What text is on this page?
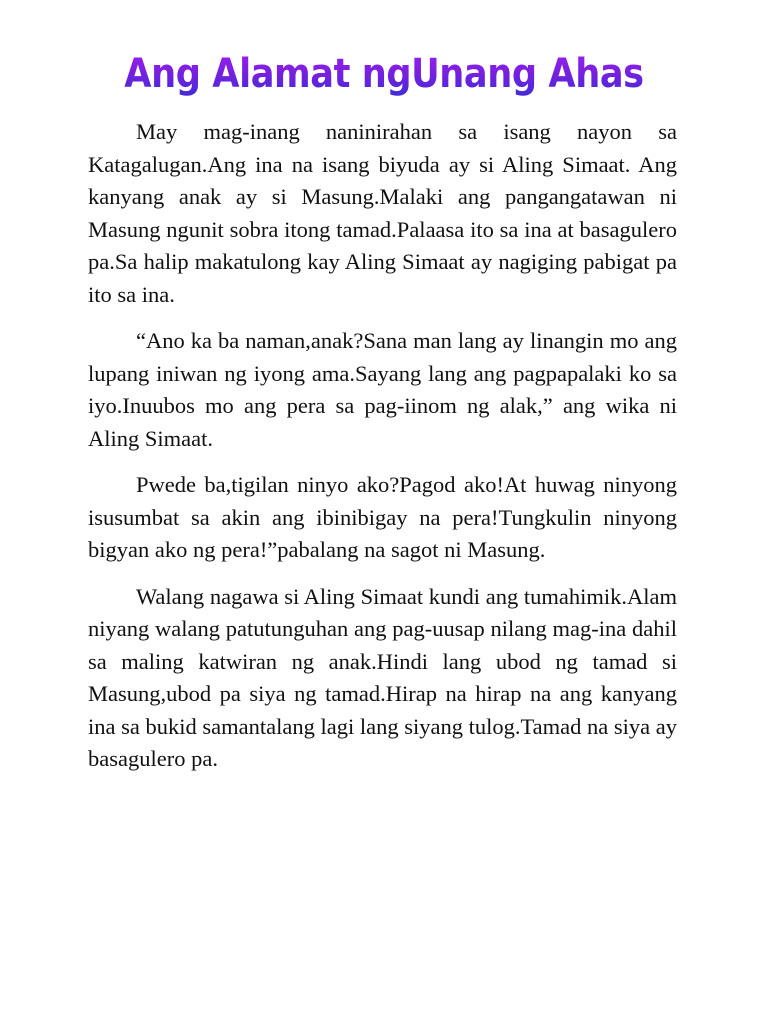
Ang Alamat ngUnang Ahas

May mag-inang naninirahan sa isang nayon sa Katagalugan.Ang ina na isang biyuda ay si Aling Simaat. Ang kanyang anak ay si Masung.Malaki ang pangangatawan ni Masung ngunit sobra itong tamad.Palaasa ito sa ina at basagulero pa.Sa halip makatulong kay Aling Simaat ay nagiging pabigat pa ito sa ina.

“Ano ka ba naman,anak?Sana man lang ay linangin mo ang lupang iniwan ng iyong ama.Sayang lang ang pagpapalaki ko sa iyo.Inuubos mo ang pera sa pag-iinom ng alak,” ang wika ni Aling Simaat.

Pwede ba,tigilan ninyo ako?Pagod ako!At huwag ninyong isusumbat sa akin ang ibinibigay na pera!Tungkulin ninyong bigyan ako ng pera!”pabalang na sagot ni Masung.

Walang nagawa si Aling Simaat kundi ang tumahimik.Alam niyang walang patutunguhan ang pag-uusap nilang mag-ina dahil sa maling katwiran ng anak.Hindi lang ubod ng tamad si Masung,ubod pa siya ng tamad.Hirap na hirap na ang kanyang ina sa bukid samantalang lagi lang siyang tulog.Tamad na siya ay basagulero pa.
